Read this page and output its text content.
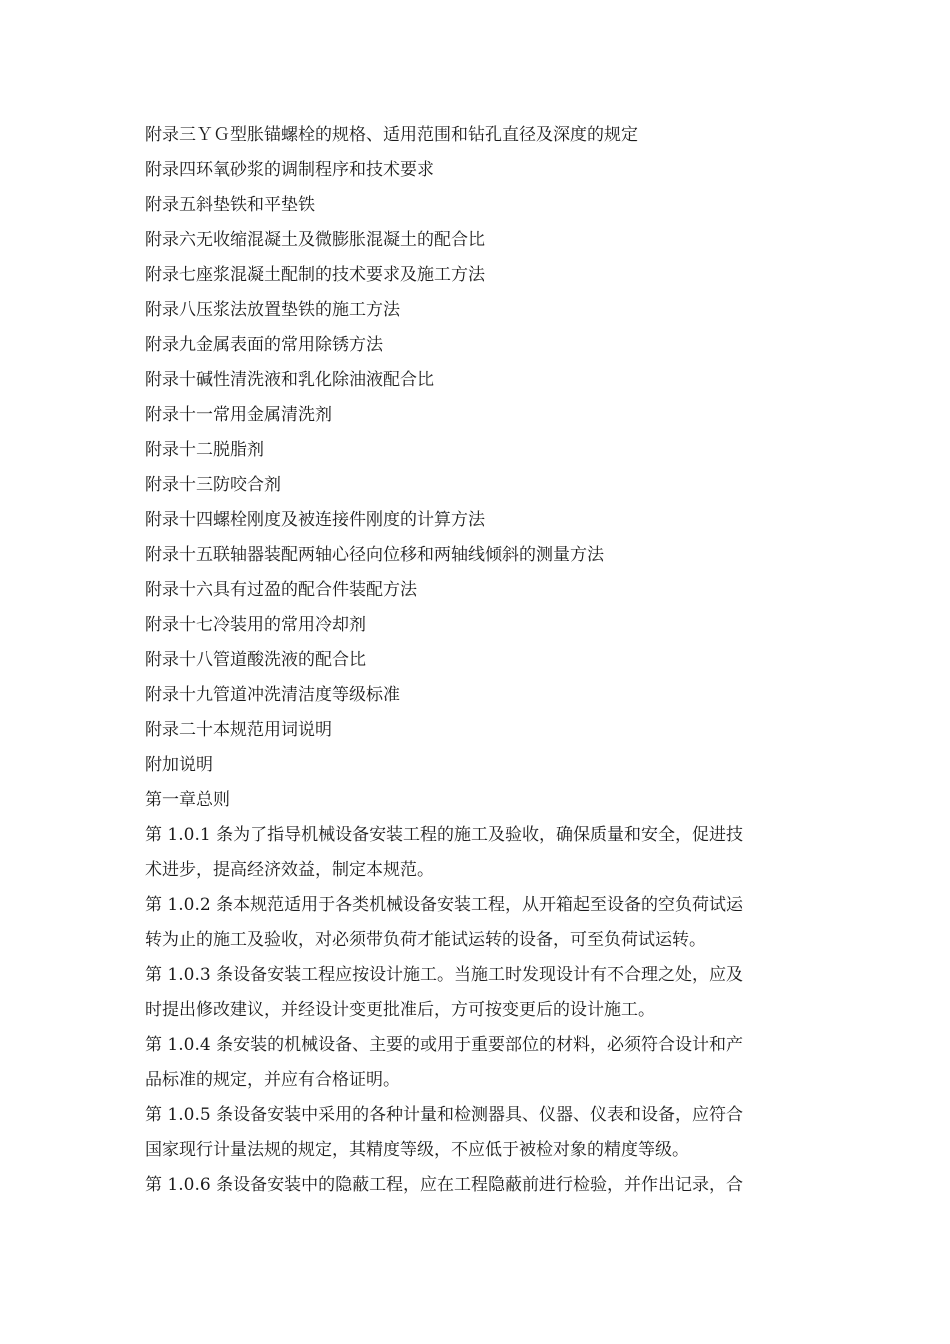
附录三ＹＧ型胀锚螺栓的规格、适用范围和钻孔直径及深度的规定
附录四环氧砂浆的调制程序和技术要求
附录五斜垫铁和平垫铁
附录六无收缩混凝土及微膨胀混凝土的配合比
附录七座浆混凝土配制的技术要求及施工方法
附录八压浆法放置垫铁的施工方法
附录九金属表面的常用除锈方法
附录十碱性清洗液和乳化除油液配合比
附录十一常用金属清洗剂
附录十二脱脂剂
附录十三防咬合剂
附录十四螺栓刚度及被连接件刚度的计算方法
附录十五联轴器装配两轴心径向位移和两轴线倾斜的测量方法
附录十六具有过盈的配合件装配方法
附录十七冷装用的常用冷却剂
附录十八管道酸洗液的配合比
附录十九管道冲洗清洁度等级标准
附录二十本规范用词说明
附加说明
第一章总则
第 1.0.1 条为了指导机械设备安装工程的施工及验收，确保质量和安全，促进技
术进步，提高经济效益，制定本规范。
第 1.0.2 条本规范适用于各类机械设备安装工程，从开箱起至设备的空负荷试运
转为止的施工及验收，对必须带负荷才能试运转的设备，可至负荷试运转。
第 1.0.3 条设备安装工程应按设计施工。当施工时发现设计有不合理之处，应及
时提出修改建议，并经设计变更批准后，方可按变更后的设计施工。
第 1.0.4 条安装的机械设备、主要的或用于重要部位的材料，必须符合设计和产
品标准的规定，并应有合格证明。
第 1.0.5 条设备安装中采用的各种计量和检测器具、仪器、仪表和设备，应符合
国家现行计量法规的规定，其精度等级，不应低于被检对象的精度等级。
第 1.0.6 条设备安装中的隐蔽工程，应在工程隐蔽前进行检验，并作出记录，合
